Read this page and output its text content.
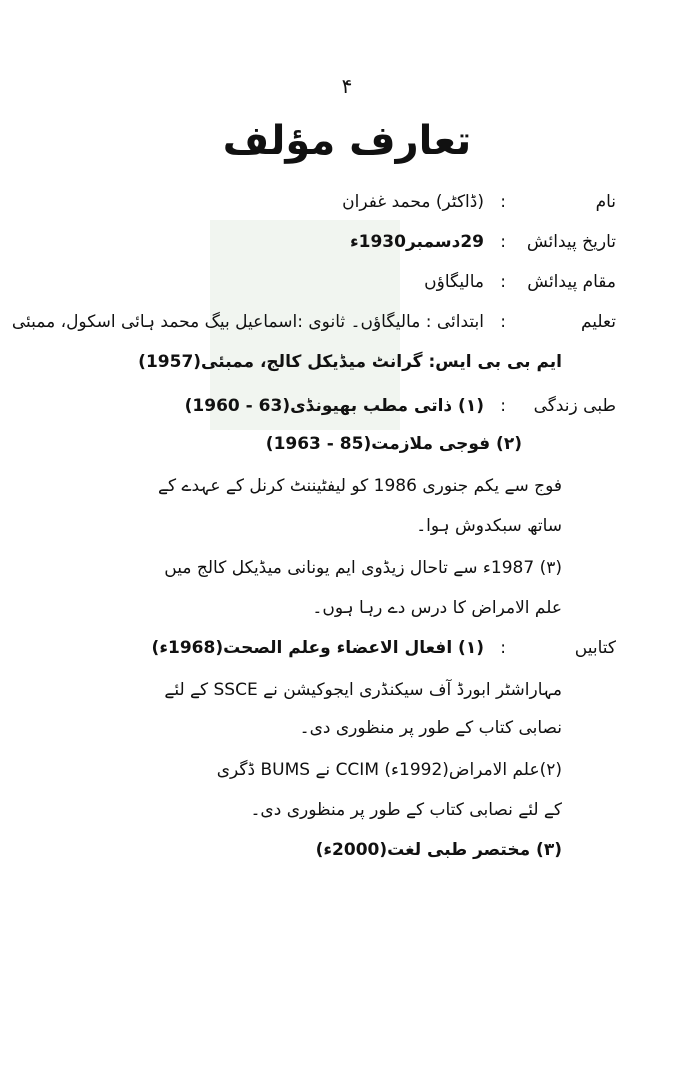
۴
تعارف مؤلف
نام
:
(ڈاکٹر) محمد غفران
تاریخ پیدائش
:
29دسمبر1930ء
مقام پیدائش
:
مالیگاؤں
تعلیم
:
ابتدائی : مالیگاؤں۔ ثانوی :اسماعیل بیگ محمد ہائی اسکول، ممبئی
ایم بی بی ایس: گرانٹ میڈیکل کالج، ممبئی(1957)
طبی زندگی
:
(۱) ذاتی مطب بھیونڈی(63 - 1960)
(۲) فوجی ملازمت(85 - 1963)
فوج سے یکم جنوری 1986 کو لیفٹیننٹ کرنل کے عہدے کے
ساتھ سبکدوش ہوا۔
(۳) 1987ء سے تاحال زیڈوی ایم یونانی میڈیکل کالج میں
علم الامراض کا درس دے رہا ہوں۔
کتابیں
:
(۱) افعال الاعضاء وعلم الصحت(1968ء)
مہاراشٹر ابورڈ آف سیکنڈری ایجوکیشن نے SSCE کے لئے
نصابی کتاب کے طور پر منظوری دی۔
(۲)علم الامراض(1992ء) CCIM نے BUMS ڈگری
کے لئے نصابی کتاب کے طور پر منظوری دی۔
(۳) مختصر طبی لغت(2000ء)
